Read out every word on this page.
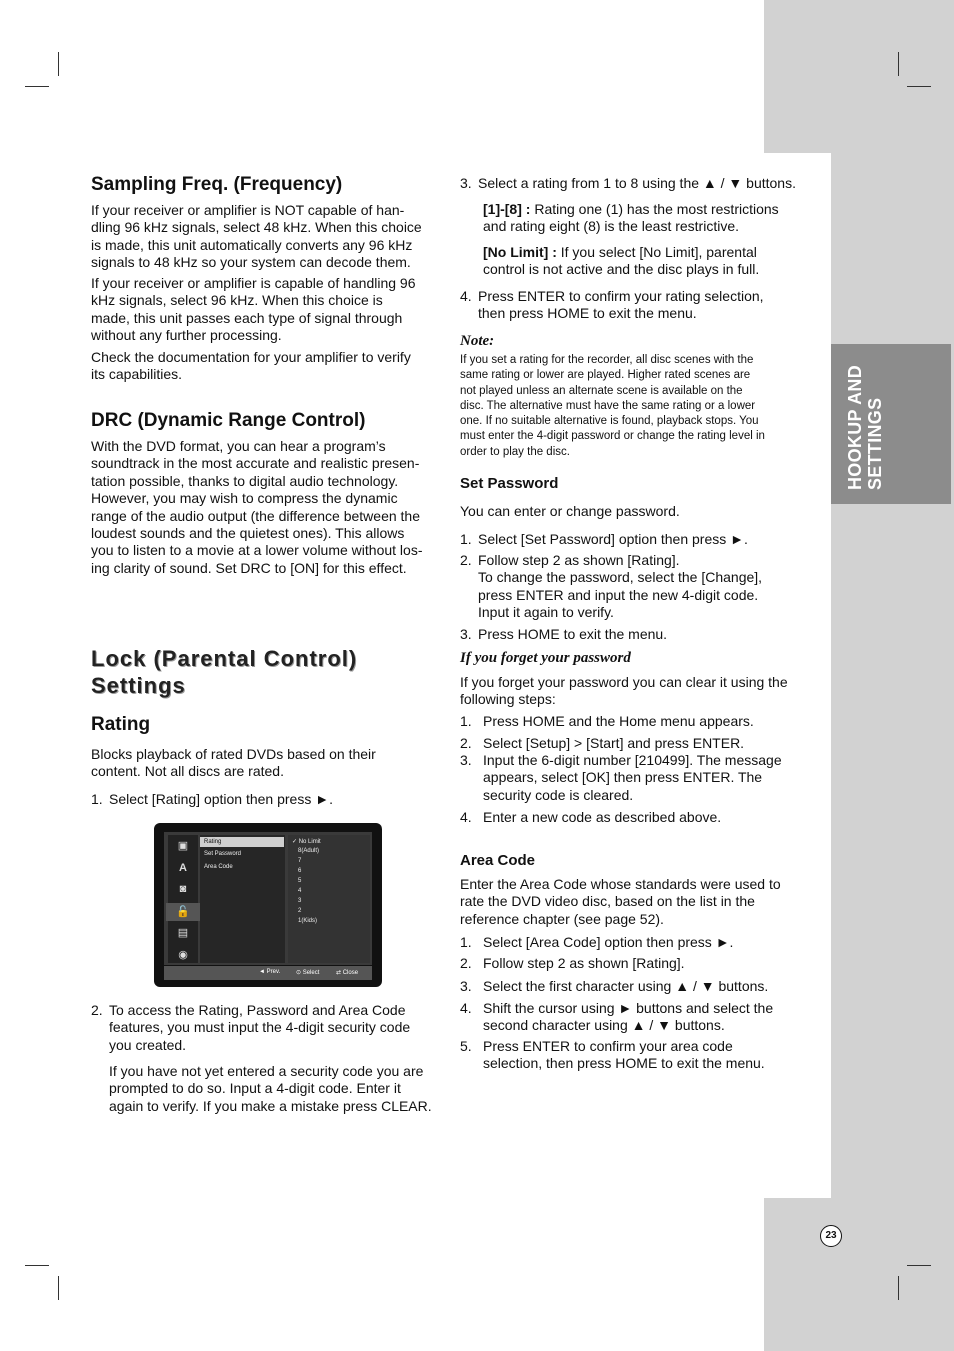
HOOKUP AND SETTINGS
23
Sampling Freq. (Frequency)
If your receiver or amplifier is NOT capable of han-
dling 96 kHz signals, select 48 kHz. When this choice
is made, this unit automatically converts any 96 kHz
signals to 48 kHz so your system can decode them.
If your receiver or amplifier is capable of handling 96
kHz signals, select 96 kHz. When this choice is
made, this unit passes each type of signal through
without any further processing.
Check the documentation for your amplifier to verify
its capabilities.
DRC (Dynamic Range Control)
With the DVD format, you can hear a program’s
soundtrack in the most accurate and realistic presen-
tation possible, thanks to digital audio technology.
However, you may wish to compress the dynamic
range of the audio output (the difference between the
loudest sounds and the quietest ones). This allows
you to listen to a movie at a lower volume without los-
ing clarity of sound. Set DRC to [ON] for this effect.
Lock (Parental Control)
Settings
Rating
Blocks playback of rated DVDs based on their
content. Not all discs are rated.
1. Select [Rating] option then press ►.
▣
A
◙
🔓
▤
◉
Rating
Set Password
Area Code
✓ No Limit
8(Adult)
7
6
5
4
3
2
1(Kids)
◄ Prev.	⊙ Select	⇄ Close
2. To access the Rating, Password and Area Code
features, you must input the 4-digit security code
you created.
If you have not yet entered a security code you are
prompted to do so. Input a 4-digit code. Enter it
again to verify. If you make a mistake press CLEAR.
3. Select a rating from 1 to 8 using the ▲ / ▼ buttons.
[1]-[8] : Rating one (1) has the most restrictions
and rating eight (8) is the least restrictive.
[No Limit] : If you select [No Limit], parental
control is not active and the disc plays in full.
4. Press ENTER to confirm your rating selection,
then press HOME to exit the menu.
Note:
If you set a rating for the recorder, all disc scenes with the
same rating or lower are played. Higher rated scenes are
not played unless an alternate scene is available on the
disc. The alternative must have the same rating or a lower
one. If no suitable alternative is found, playback stops. You
must enter the 4-digit password or change the rating level in
order to play the disc.
Set Password
You can enter or change password.
1. Select [Set Password] option then press ►.
2. Follow step 2 as shown [Rating].
To change the password, select the [Change],
press ENTER and input the new 4-digit code.
Input it again to verify.
3. Press HOME to exit the menu.
If you forget your password
If you forget your password you can clear it using the
following steps:
1. Press HOME and the Home menu appears.
2. Select [Setup] > [Start] and press ENTER.
3. Input the 6-digit number [210499]. The message
appears, select [OK] then press ENTER. The
security code is cleared.
4. Enter a new code as described above.
Area Code
Enter the Area Code whose standards were used to
rate the DVD video disc, based on the list in the
reference chapter (see page 52).
1. Select [Area Code] option then press ►.
2. Follow step 2 as shown [Rating].
3. Select the first character using ▲ / ▼ buttons.
4. Shift the cursor using ► buttons and select the
second character using ▲ / ▼ buttons.
5. Press ENTER to confirm your area code
selection, then press HOME to exit the menu.
